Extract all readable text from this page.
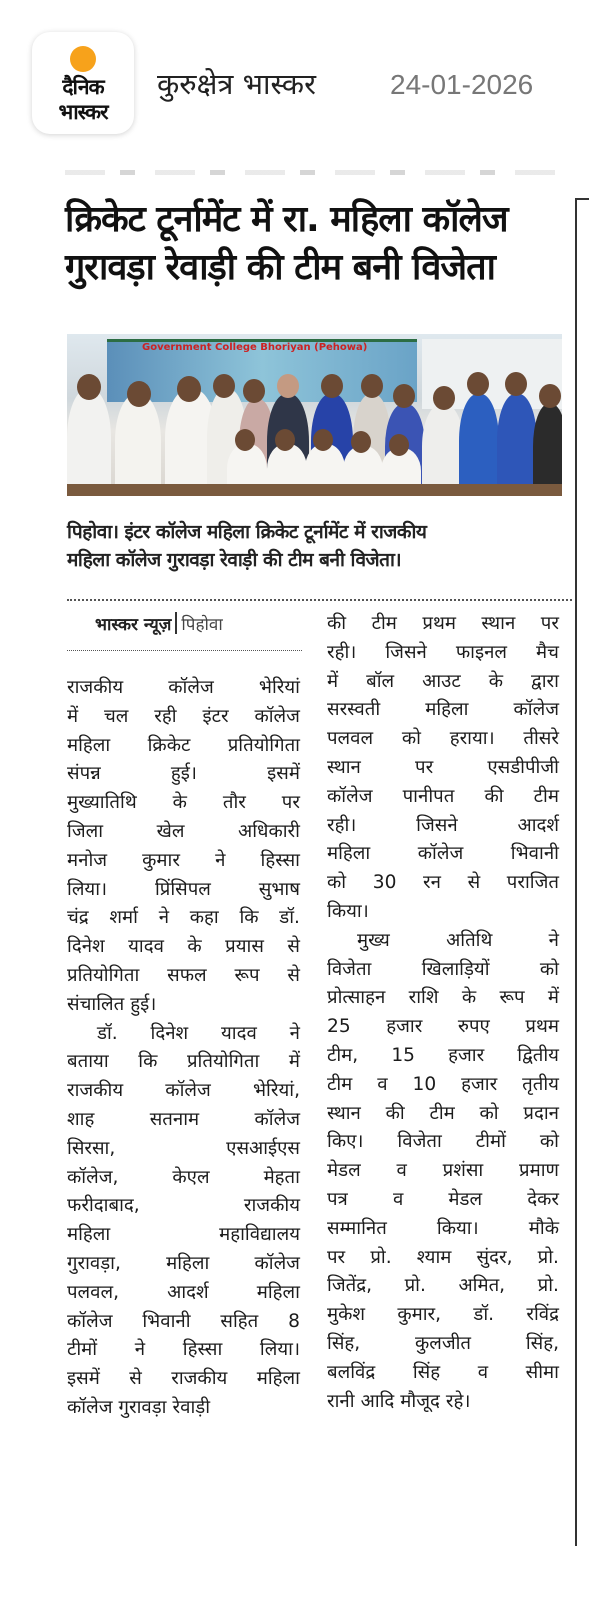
दैनिक
भास्कर
कुरुक्षेत्र भास्कर	24-01-2026
क्रिकेट टूर्नामेंट में रा. महिला कॉलेज
गुरावड़ा रेवाड़ी की टीम बनी विजेता
Government College Bhoriyan (Pehowa)
पिहोवा। इंटर कॉलेज महिला क्रिकेट टूर्नामेंट में राजकीय
महिला कॉलेज गुरावड़ा रेवाड़ी की टीम बनी विजेता।
भास्कर न्यूज़ पिहोवा
राजकीय कॉलेज भेरियां
में चल रही इंटर कॉलेज
महिला क्रिकेट प्रतियोगिता
संपन्न	हुई।	इसमें
मुख्यातिथि के तौर पर
जिला	खेल	अधिकारी
मनोज कुमार ने हिस्सा
लिया।	प्रिंसिपल	सुभाष
चंद्र शर्मा ने कहा कि डॉ.
दिनेश यादव के प्रयास से
प्रतियोगिता सफल रूप से
संचालित हुई।
डॉ. दिनेश यादव ने
बताया कि प्रतियोगिता में
राजकीय कॉलेज भेरियां,
शाह	सतनाम	कॉलेज
सिरसा,	एसआईएस
कॉलेज,	केएल	मेहता
फरीदाबाद,	राजकीय
महिला	महाविद्यालय
गुरावड़ा, महिला कॉलेज
पलवल,	आदर्श	महिला
कॉलेज भिवानी सहित 8
टीमों ने हिस्सा लिया।
इसमें से राजकीय महिला
कॉलेज गुरावड़ा रेवाड़ी
की टीम प्रथम स्थान पर
रही। जिसने फाइनल मैच
में बॉल आउट के द्वारा
सरस्वती महिला कॉलेज
पलवल को हराया। तीसरे
स्थान	पर	एसडीपीजी
कॉलेज पानीपत की टीम
रही।	जिसने	आदर्श
महिला	कॉलेज	भिवानी
को 30 रन से पराजित
किया।
मुख्य	अतिथि	ने
विजेता	खिलाड़ियों	को
प्रोत्साहन राशि के रूप में
25 हजार रुपए प्रथम
टीम, 15 हजार द्वितीय
टीम व 10 हजार तृतीय
स्थान की टीम को प्रदान
किए। विजेता टीमों को
मेडल व प्रशंसा प्रमाण
पत्र व मेडल देकर
सम्मानित	किया।	मौके
पर प्रो. श्याम सुंदर, प्रो.
जितेंद्र, प्रो. अमित, प्रो.
मुकेश कुमार, डॉ. रविंद्र
सिंह,	कुलजीत	सिंह,
बलविंद्र सिंह व सीमा
रानी आदि मौजूद रहे।
